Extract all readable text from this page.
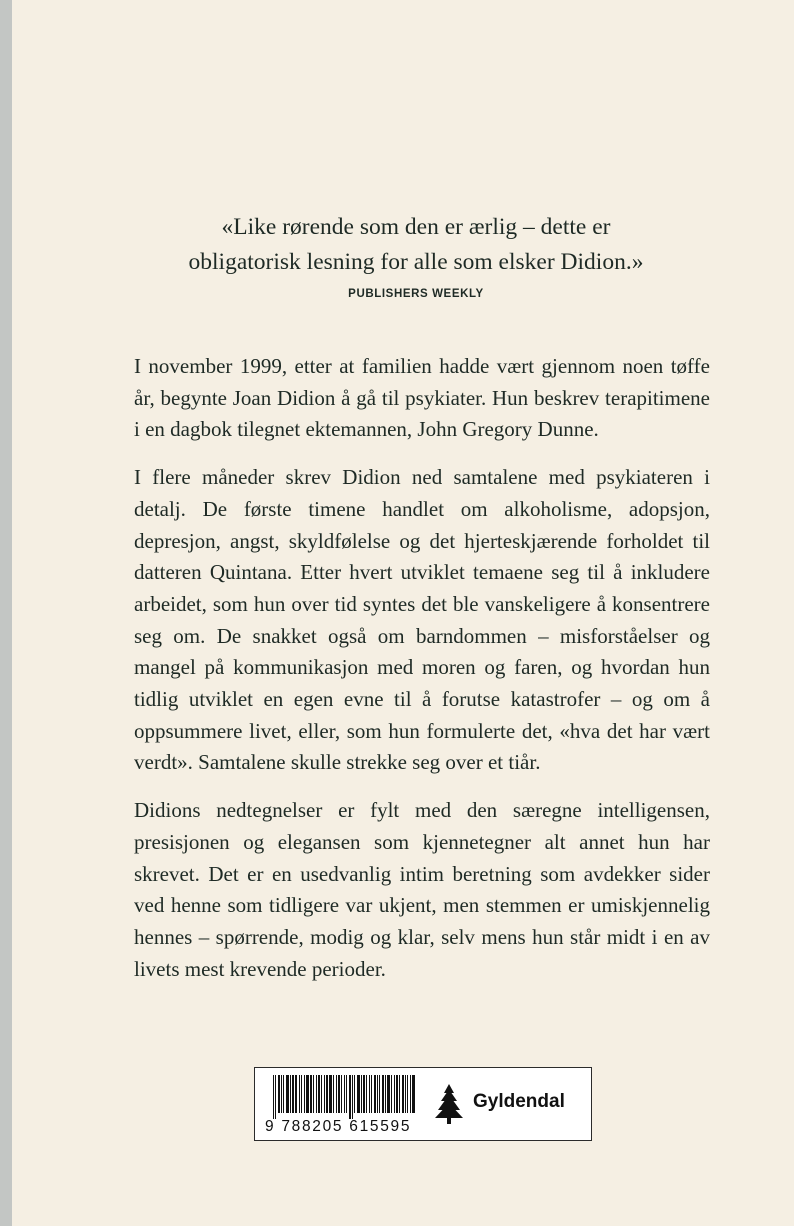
«Like rørende som den er ærlig – dette er

obligatorisk lesning for alle som elsker Didion.»

PUBLISHERS WEEKLY

I november 1999, etter at familien hadde vært gjennom noen tøffe år, begynte Joan Didion å gå til psykiater. Hun beskrev terapitimene i en dagbok tilegnet ektemannen, John Gregory Dunne.

I flere måneder skrev Didion ned samtalene med psykiateren i detalj. De første timene handlet om alkoholisme, adopsjon, depresjon, angst, skyldfølelse og det hjerteskjærende forholdet til datteren Quintana. Etter hvert utviklet temaene seg til å inkludere arbeidet, som hun over tid syntes det ble vanskeligere å konsentrere seg om. De snakket også om barndommen – misforståelser og mangel på kommunikasjon med moren og faren, og hvordan hun tidlig utviklet en egen evne til å forutse katastrofer – og om å oppsummere livet, eller, som hun formulerte det, «hva det har vært verdt». Samtalene skulle strekke seg over et tiår.

Didions nedtegnelser er fylt med den særegne intelligensen, presisjonen og elegansen som kjennetegner alt annet hun har skrevet. Det er en usedvanlig intim beretning som avdekker sider ved henne som tidligere var ukjent, men stemmen er umiskjennelig hennes – spørrende, modig og klar, selv mens hun står midt i en av livets mest krevende perioder.

9 788205 615595
Gyldendal
